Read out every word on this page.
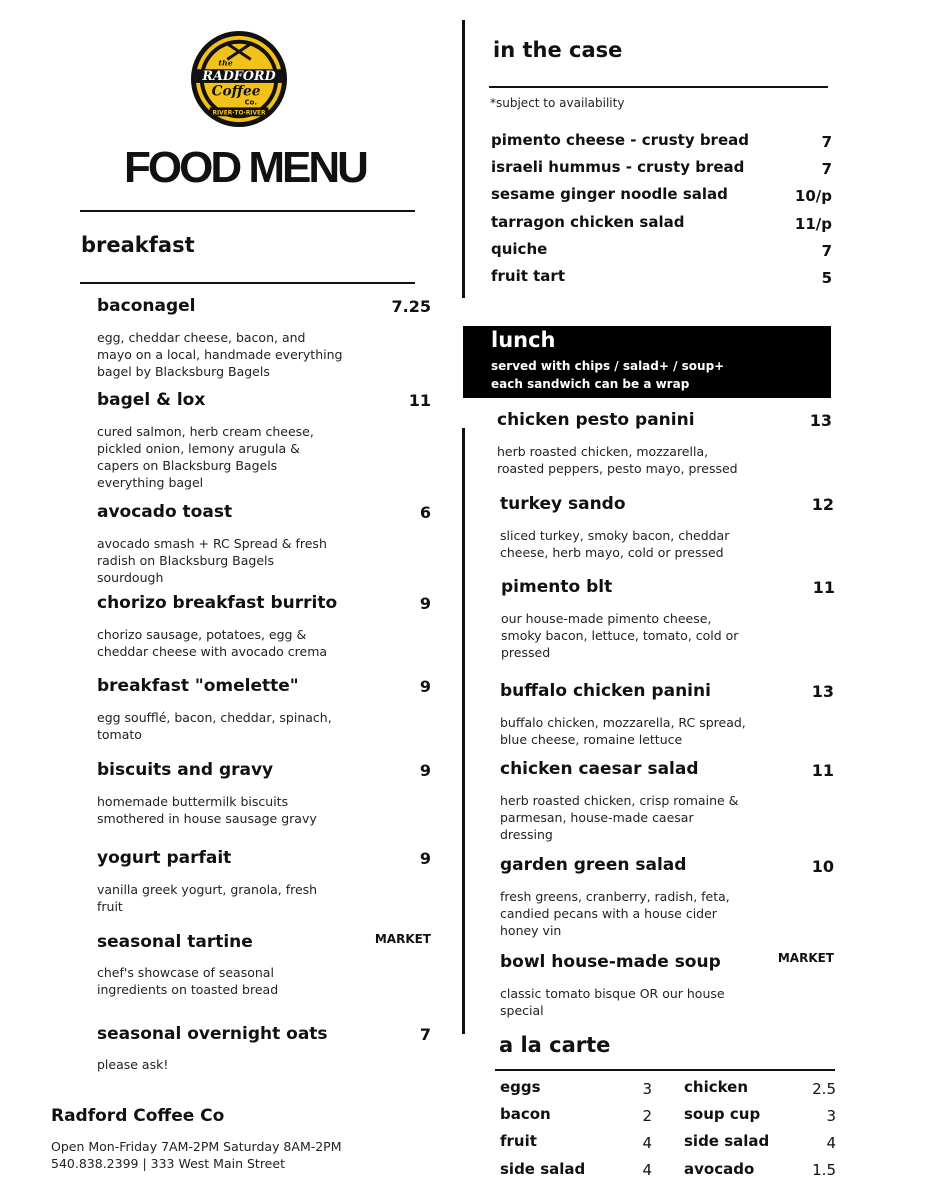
the
RADFORD
Coffee
Co.
RIVER·TO·RIVER
FOOD MENU
breakfast
baconagel	7.25
egg, cheddar cheese, bacon, and
mayo on a local, handmade everything
bagel by Blacksburg Bagels
bagel & lox	11
cured salmon, herb cream cheese,
pickled onion, lemony arugula &
capers on Blacksburg Bagels
everything bagel
avocado toast	6
avocado smash + RC Spread & fresh
radish on Blacksburg Bagels
sourdough
chorizo breakfast burrito	9
chorizo sausage, potatoes, egg &
cheddar cheese with avocado crema
breakfast "omelette"	9
egg soufflé, bacon, cheddar, spinach,
tomato
biscuits and gravy	9
homemade buttermilk biscuits
smothered in house sausage gravy
yogurt parfait	9
vanilla greek yogurt, granola, fresh
fruit
seasonal tartine	MARKET
chef's showcase of seasonal
ingredients on toasted bread
seasonal overnight oats	7
please ask!
Radford Coffee Co
Open Mon-Friday 7AM-2PM Saturday 8AM-2PM
540.838.2399 | 333 West Main Street
in the case
*subject to availability
pimento cheese - crusty bread	7
israeli hummus - crusty bread	7
sesame ginger noodle salad	10/p
tarragon chicken salad	11/p
quiche	7
fruit tart	5
lunch
served with chips / salad+ / soup+
each sandwich can be a wrap
chicken pesto panini	13
herb roasted chicken, mozzarella,
roasted peppers, pesto mayo, pressed
turkey sando	12
sliced turkey, smoky bacon, cheddar
cheese, herb mayo, cold or pressed
pimento blt	11
our house-made pimento cheese,
smoky bacon, lettuce, tomato, cold or
pressed
buffalo chicken panini	13
buffalo chicken, mozzarella, RC spread,
blue cheese, romaine lettuce
chicken caesar salad	11
herb roasted chicken, crisp romaine &
parmesan, house-made caesar
dressing
garden green salad	10
fresh greens, cranberry, radish, feta,
candied pecans with a house cider
honey vin
bowl house-made soup	MARKET
classic tomato bisque OR our house
special
a la carte
eggs	3
bacon	2
fruit	4
side salad	4
chicken	2.5
soup cup	3
side salad	4
avocado	1.5
